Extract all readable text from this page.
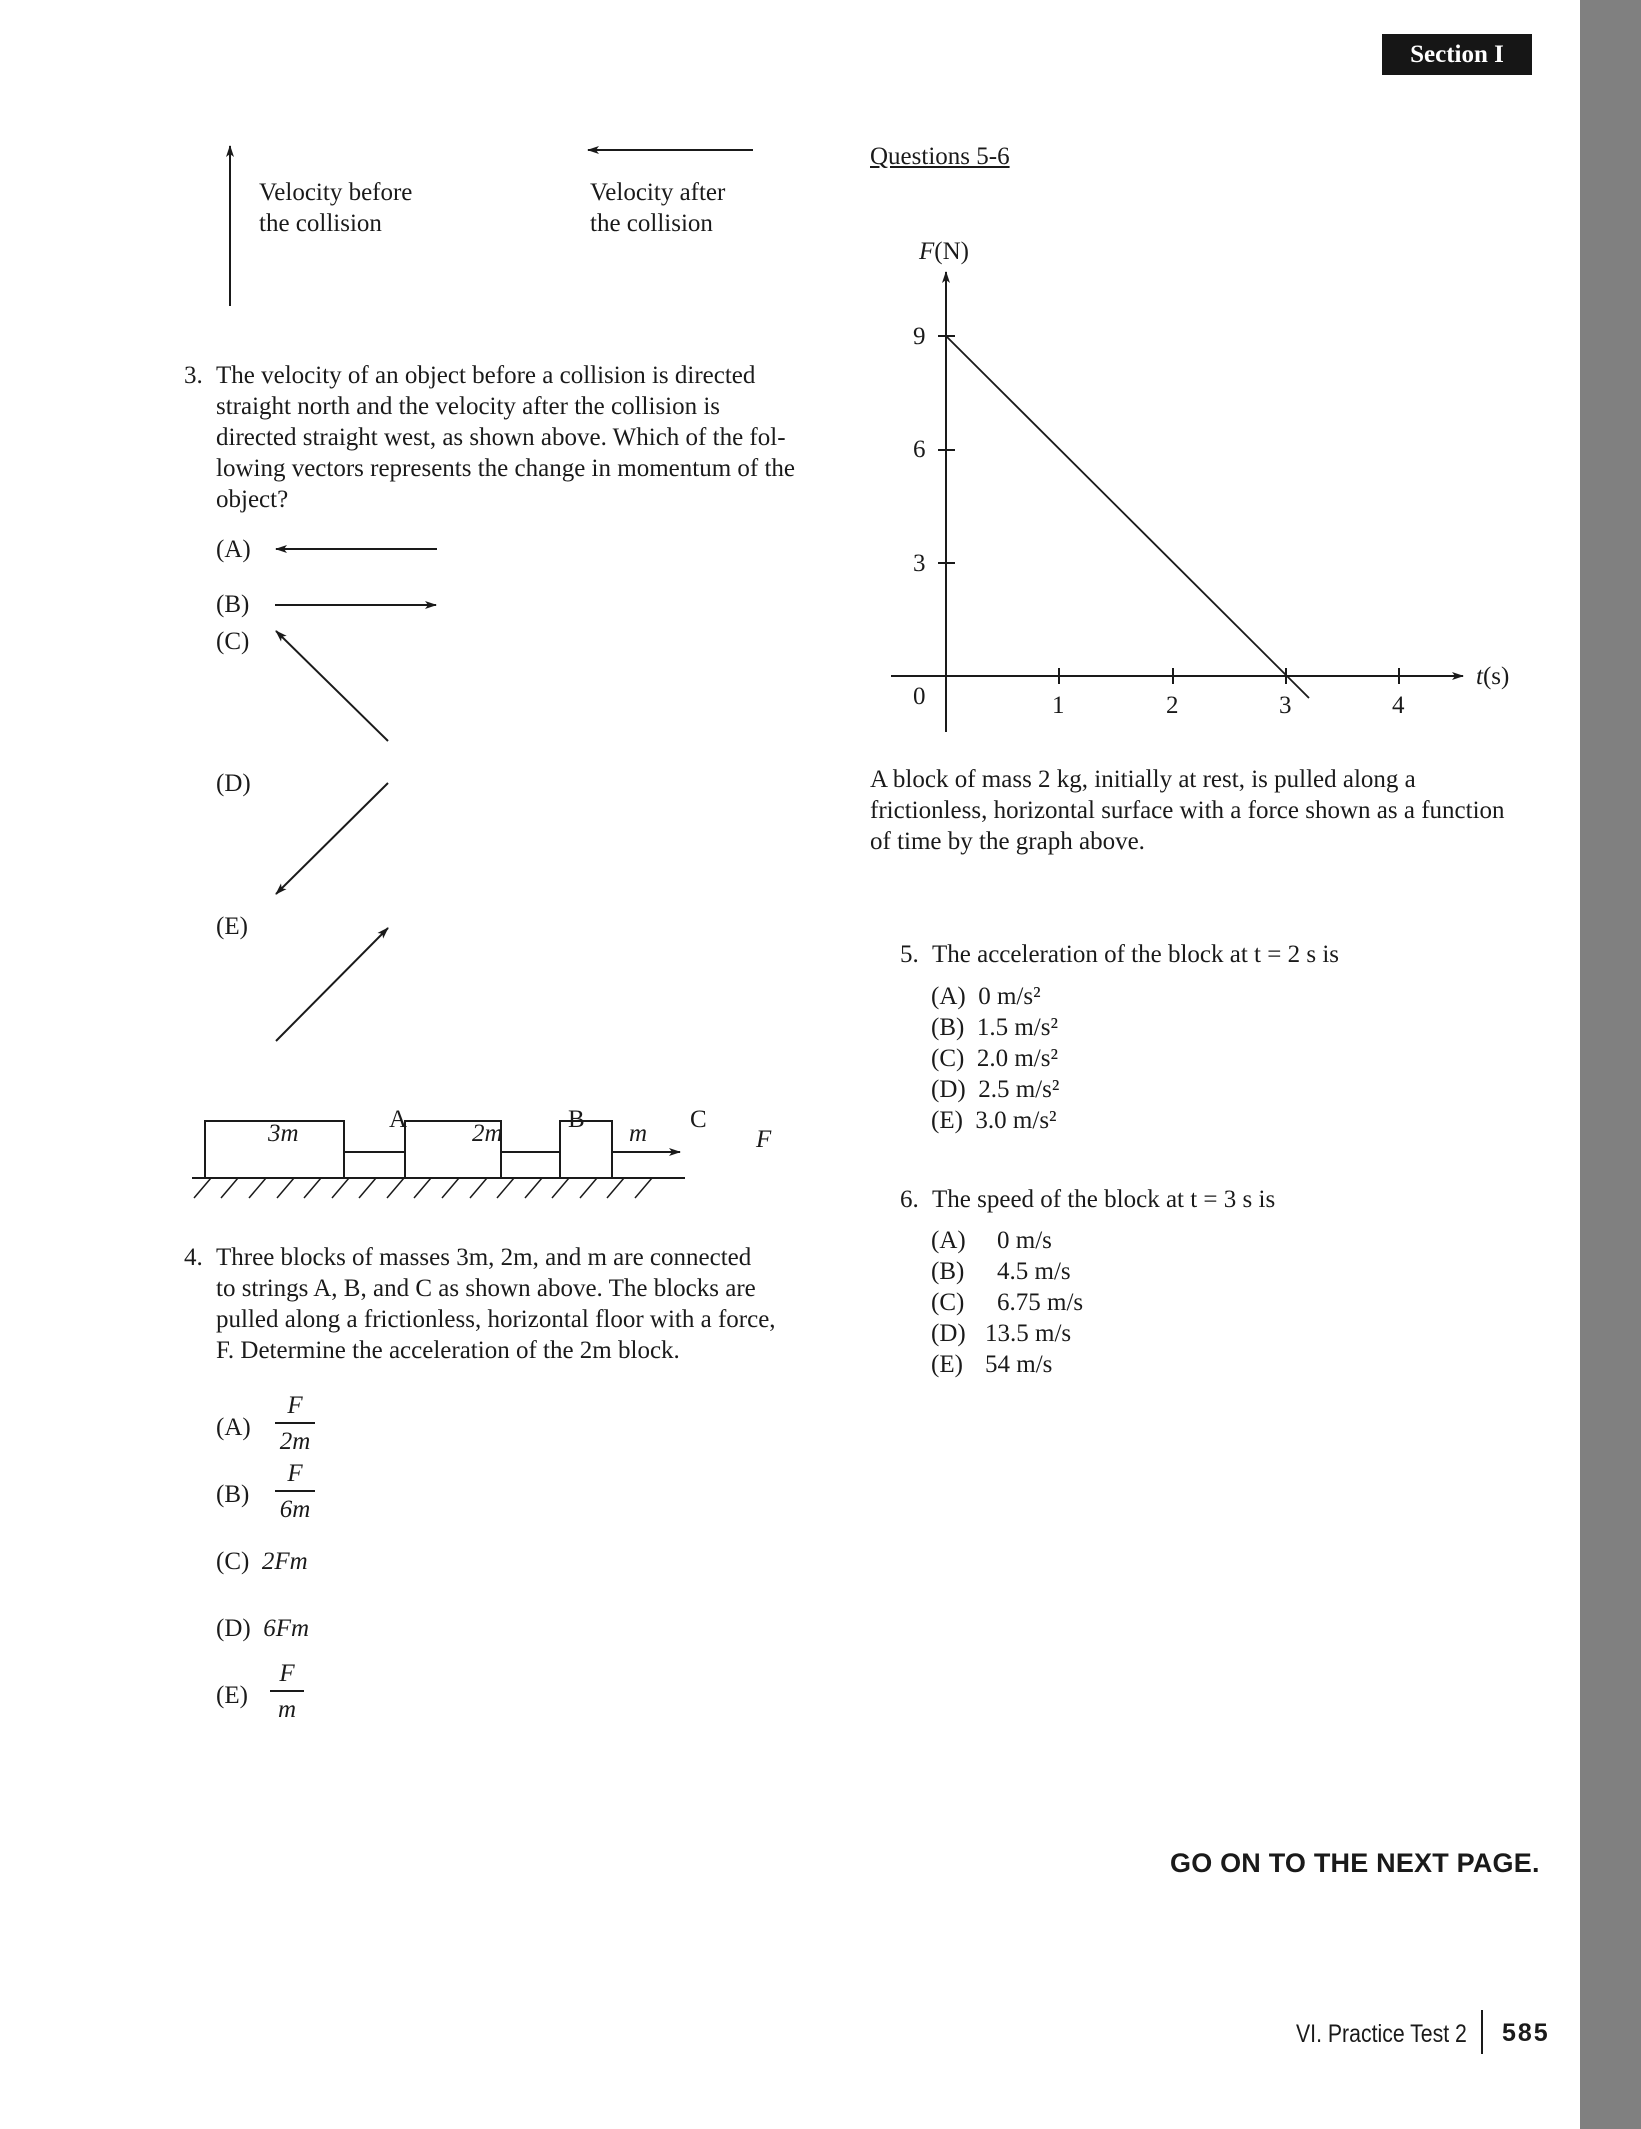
Section I
Velocity before
the collision
Velocity after
the collision
3. The velocity of an object before a collision is directed
straight north and the velocity after the collision is
directed straight west, as shown above. Which of the fol-
lowing vectors represents the change in momentum of the
object?
(A)
(B)
(C)
(D)
(E)
3m	2m	m
A	B	C
F
4. Three blocks of masses 3m, 2m, and m are connected
to strings A, B, and C as shown above. The blocks are
pulled along a frictionless, horizontal floor with a force,
F. Determine the acceleration of the 2m block.
(A)
F
2m
(B)
F
6m
(C) 2Fm
(D) 6Fm
(E)
F
m
Questions 5-6
F(N)
9
6
3
0	1	2	3	4
t(s)
A block of mass 2 kg, initially at rest, is pulled along a
frictionless, horizontal surface with a force shown as a function
of time by the graph above.
5. The acceleration of the block at t = 2 s is
(A) 0 m/s²
(B) 1.5 m/s²
(C) 2.0 m/s²
(D) 2.5 m/s²
(E) 3.0 m/s²
6. The speed of the block at t = 3 s is
(A) 0 m/s
(B) 4.5 m/s
(C) 6.75 m/s
(D) 13.5 m/s
(E) 54 m/s
GO ON TO THE NEXT PAGE.
VI. Practice Test 2 585
